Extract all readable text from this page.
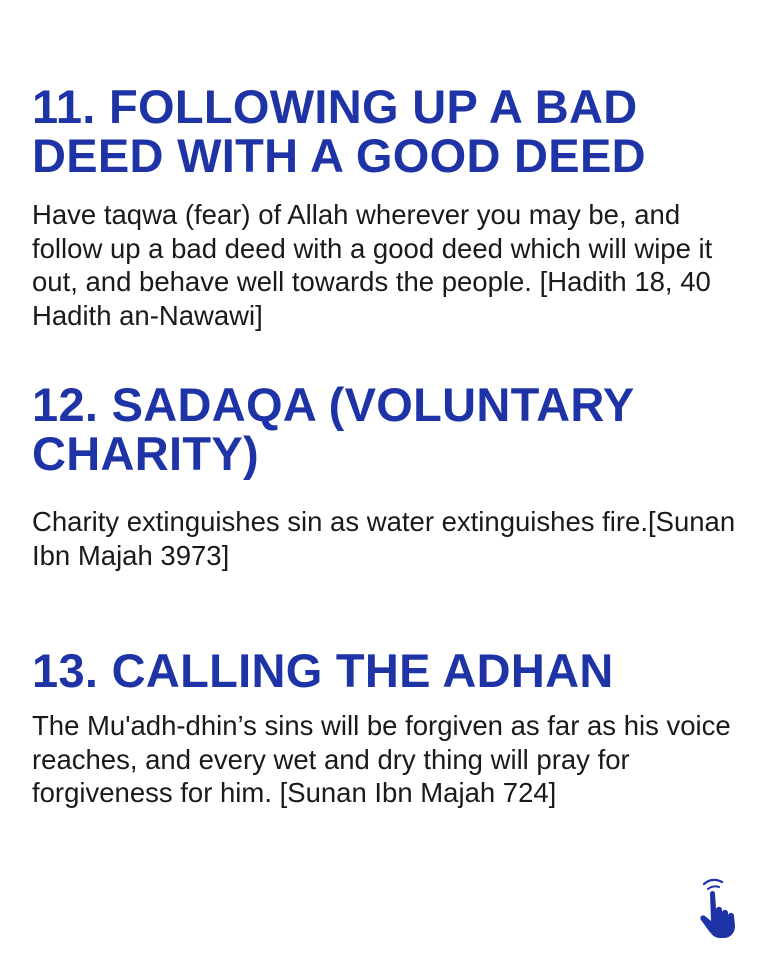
11. FOLLOWING UP A BAD
DEED WITH A GOOD DEED

Have taqwa (fear) of Allah wherever you may be, and follow up a bad deed with a good deed which will wipe it out, and behave well towards the people. [Hadith 18, 40 Hadith an-Nawawi]

12. SADAQA (VOLUNTARY
CHARITY)

Charity extinguishes sin as water extinguishes fire.[Sunan Ibn Majah 3973]

13. CALLING THE ADHAN

The Mu'adh-dhin’s sins will be forgiven as far as his voice reaches, and every wet and dry thing will pray for forgiveness for him. [Sunan Ibn Majah 724]
